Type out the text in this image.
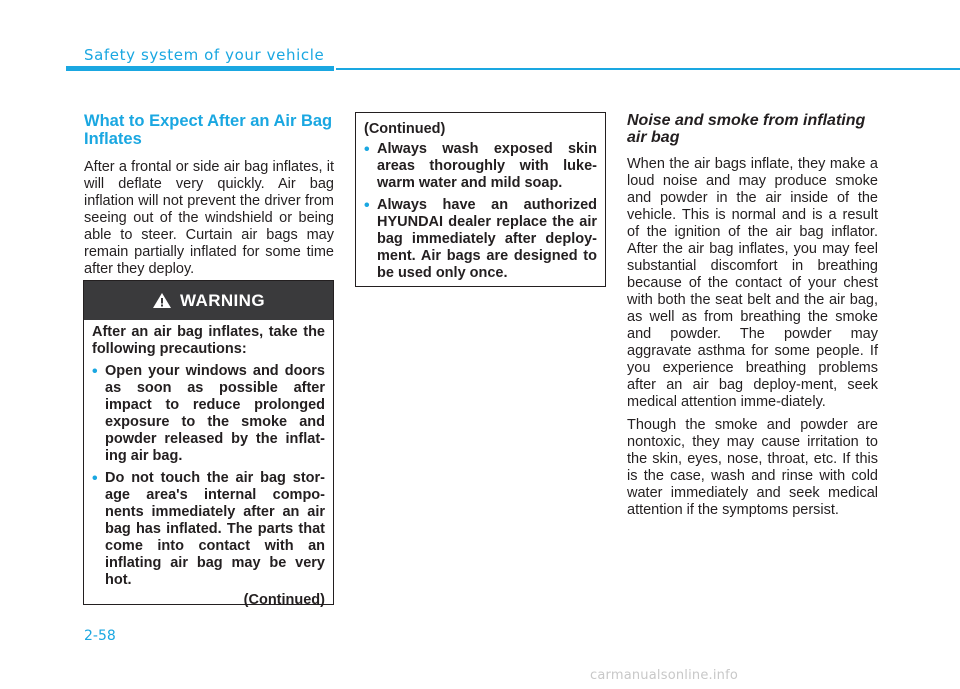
Safety system of your vehicle
What to Expect After an Air Bag Inflates

After a frontal or side air bag inflates, it will deflate very quickly. Air bag inflation will not prevent the driver from seeing out of the windshield or being able to steer. Curtain air bags may remain partially inflated for some time after they deploy.

WARNING

After an air bag inflates, take the following precautions:

• Open your windows and doors as soon as possible after impact to reduce prolonged exposure to the smoke and powder released by the inflat-ing air bag.

• Do not touch the air bag stor-age area's internal compo-nents immediately after an air bag has inflated. The parts that come into contact with an inflating air bag may be very hot.

(Continued)

(Continued)

• Always wash exposed skin areas thoroughly with luke-warm water and mild soap.

• Always have an authorized HYUNDAI dealer replace the air bag immediately after deploy-ment. Air bags are designed to be used only once.

Noise and smoke from inflating air bag

When the air bags inflate, they make a loud noise and may produce smoke and powder in the air inside of the vehicle. This is normal and is a result of the ignition of the air bag inflator. After the air bag inflates, you may feel substantial discomfort in breathing because of the contact of your chest with both the seat belt and the air bag, as well as from breathing the smoke and powder. The powder may aggravate asthma for some people. If you experience breathing problems after an air bag deploy-ment, seek medical attention imme-diately.

Though the smoke and powder are nontoxic, they may cause irritation to the skin, eyes, nose, throat, etc. If this is the case, wash and rinse with cold water immediately and seek medical attention if the symptoms persist.

2-58
carmanualsonline.info
